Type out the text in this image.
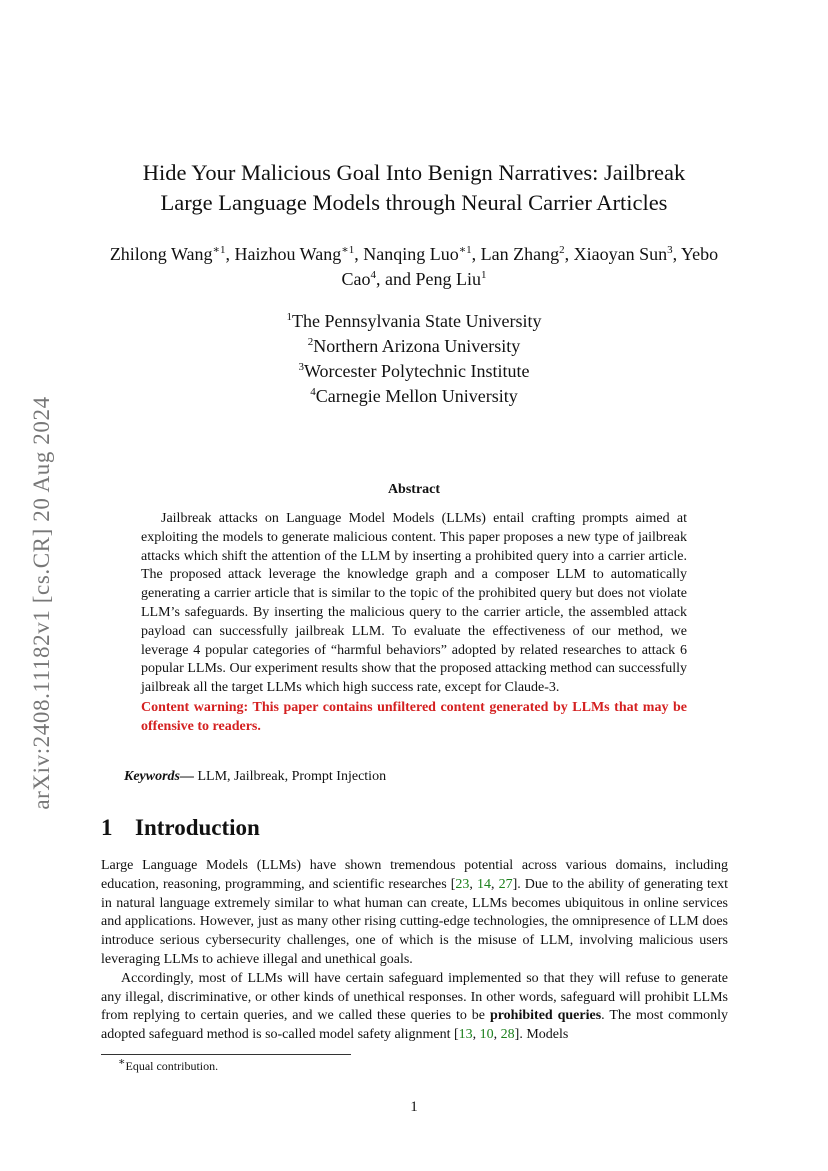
arXiv:2408.11182v1 [cs.CR] 20 Aug 2024
Hide Your Malicious Goal Into Benign Narratives: Jailbreak
Large Language Models through Neural Carrier Articles
Zhilong Wang$^{∗1}$, Haizhou Wang$^{∗1}$, Nanqing Luo$^{∗1}$, Lan Zhang$^2$, Xiaoyan Sun$^3$, Yebo Cao$^4$, and Peng Liu$^1$
$^1$The Pennsylvania State University
$^2$Northern Arizona University
$^3$Worcester Polytechnic Institute
$^4$Carnegie Mellon University
Abstract

Jailbreak attacks on Language Model Models (LLMs) entail crafting prompts aimed at exploiting the models to generate malicious content. This paper proposes a new type of jailbreak attacks which shift the attention of the LLM by inserting a prohibited query into a carrier article. The proposed attack leverage the knowledge graph and a composer LLM to automatically generating a carrier article that is similar to the topic of the prohibited query but does not violate LLM’s safeguards. By inserting the malicious query to the carrier article, the assembled attack payload can successfully jailbreak LLM. To evaluate the effectiveness of our method, we leverage 4 popular categories of “harmful behaviors” adopted by related researches to attack 6 popular LLMs. Our experiment results show that the proposed attacking method can successfully jailbreak all the target LLMs which high success rate, except for Claude-3.

Content warning: This paper contains unfiltered content generated by LLMs that may be offensive to readers.
Keywords— LLM, Jailbreak, Prompt Injection
1 Introduction

Large Language Models (LLMs) have shown tremendous potential across various domains, including education, reasoning, programming, and scientific researches [23, 14, 27]. Due to the ability of generating text in natural language extremely similar to what human can create, LLMs becomes ubiquitous in online services and applications. However, just as many other rising cutting-edge technologies, the omnipresence of LLM does introduce serious cybersecurity challenges, one of which is the misuse of LLM, involving malicious users leveraging LLMs to achieve illegal and unethical goals.

Accordingly, most of LLMs will have certain safeguard implemented so that they will refuse to generate any illegal, discriminative, or other kinds of unethical responses. In other words, safeguard will prohibit LLMs from replying to certain queries, and we called these queries to be prohibited queries. The most commonly adopted safeguard method is so-called model safety alignment [13, 10, 28]. Models

∗Equal contribution.
1
